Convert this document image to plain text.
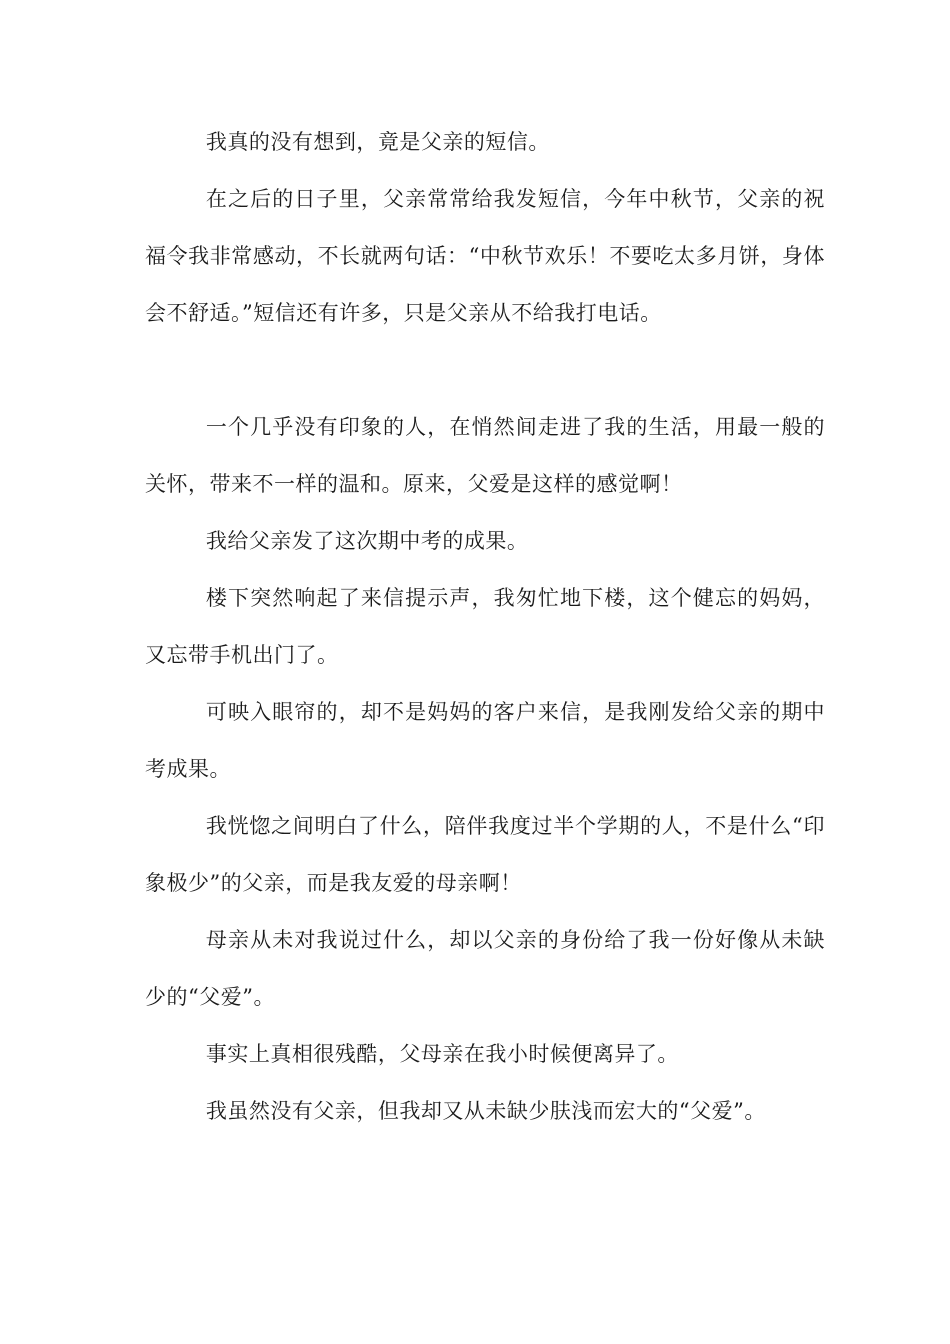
我真的没有想到，竟是父亲的短信。

在之后的日子里，父亲常常给我发短信，今年中秋节，父亲的祝福令我非常感动，不长就两句话：“中秋节欢乐！不要吃太多月饼，身体会不舒适。”短信还有许多，只是父亲从不给我打电话。

一个几乎没有印象的人，在悄然间走进了我的生活，用最一般的关怀，带来不一样的温和。原来，父爱是这样的感觉啊！

我给父亲发了这次期中考的成果。

楼下突然响起了来信提示声，我匆忙地下楼，这个健忘的妈妈，又忘带手机出门了。

可映入眼帘的，却不是妈妈的客户来信，是我刚发给父亲的期中考成果。

我恍惚之间明白了什么，陪伴我度过半个学期的人，不是什么“印象极少”的父亲，而是我友爱的母亲啊！

母亲从未对我说过什么，却以父亲的身份给了我一份好像从未缺少的“父爱”。

事实上真相很残酷，父母亲在我小时候便离异了。

我虽然没有父亲，但我却又从未缺少肤浅而宏大的“父爱”。
